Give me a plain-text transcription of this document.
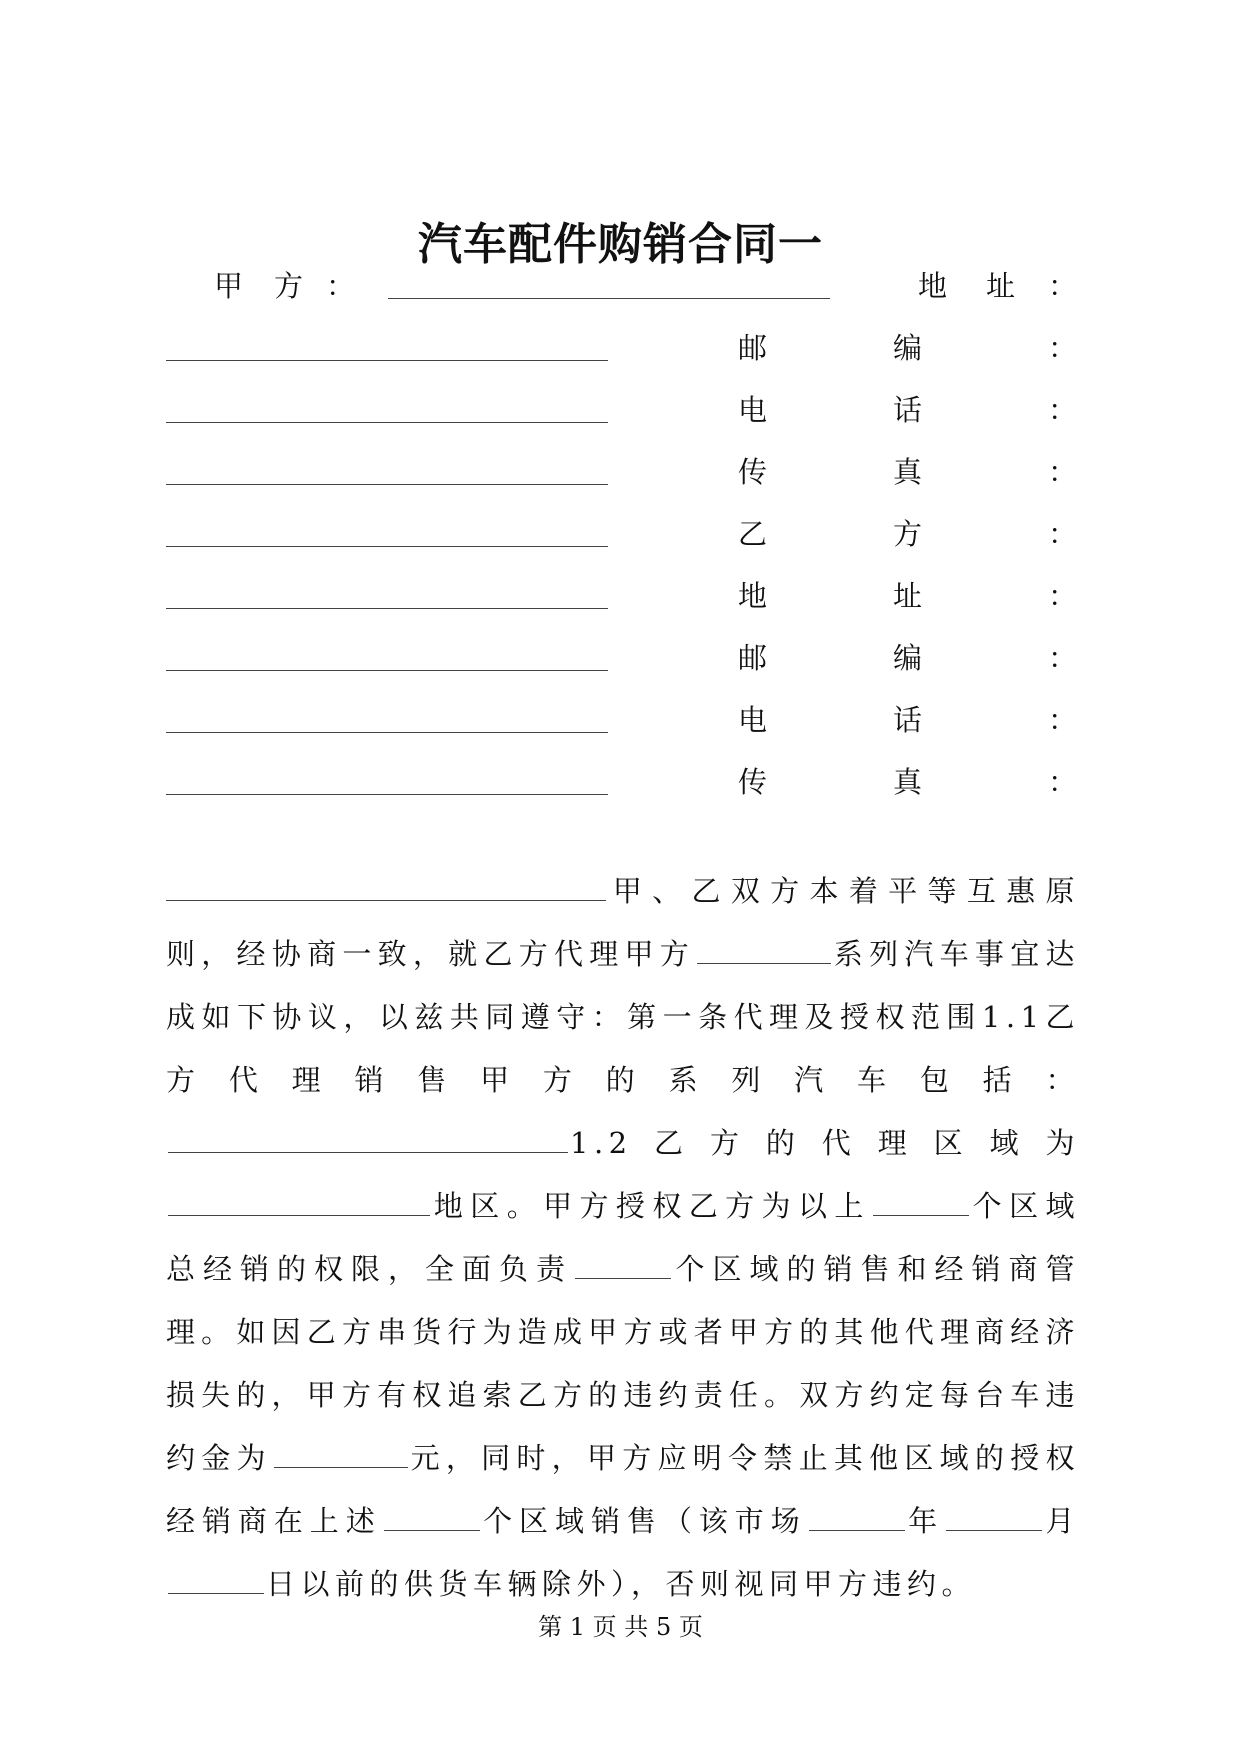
汽车配件购销合同一
甲 方 ：	地 址 ：
邮	编	：
电	话	：
传	真	：
乙	方	：
地	址	：
邮	编	：
电	话	：
传	真	：
甲、乙双方本着平等互惠原则，经协商一致，就乙方代理甲方	系列汽车事宜达成如下协议，以兹共同遵守：第一条代理及授权范围1.1乙方代理销售甲方的系列汽车包括：1.2乙方的代理区域为地区。甲方授权乙方为以上	个区域总经销的权限，全面负责	个区域的销售和经销商管理。如因乙方串货行为造成甲方或者甲方的其他代理商经济损失的，甲方有权追索乙方的违约责任。双方约定每台车违约金为	元，同时，甲方应明令禁止其他区域的授权经销商在上述	个区域销售（该市场	年	月日以前的供货车辆除外），否则视同甲方违约。
第 1 页 共 5 页
